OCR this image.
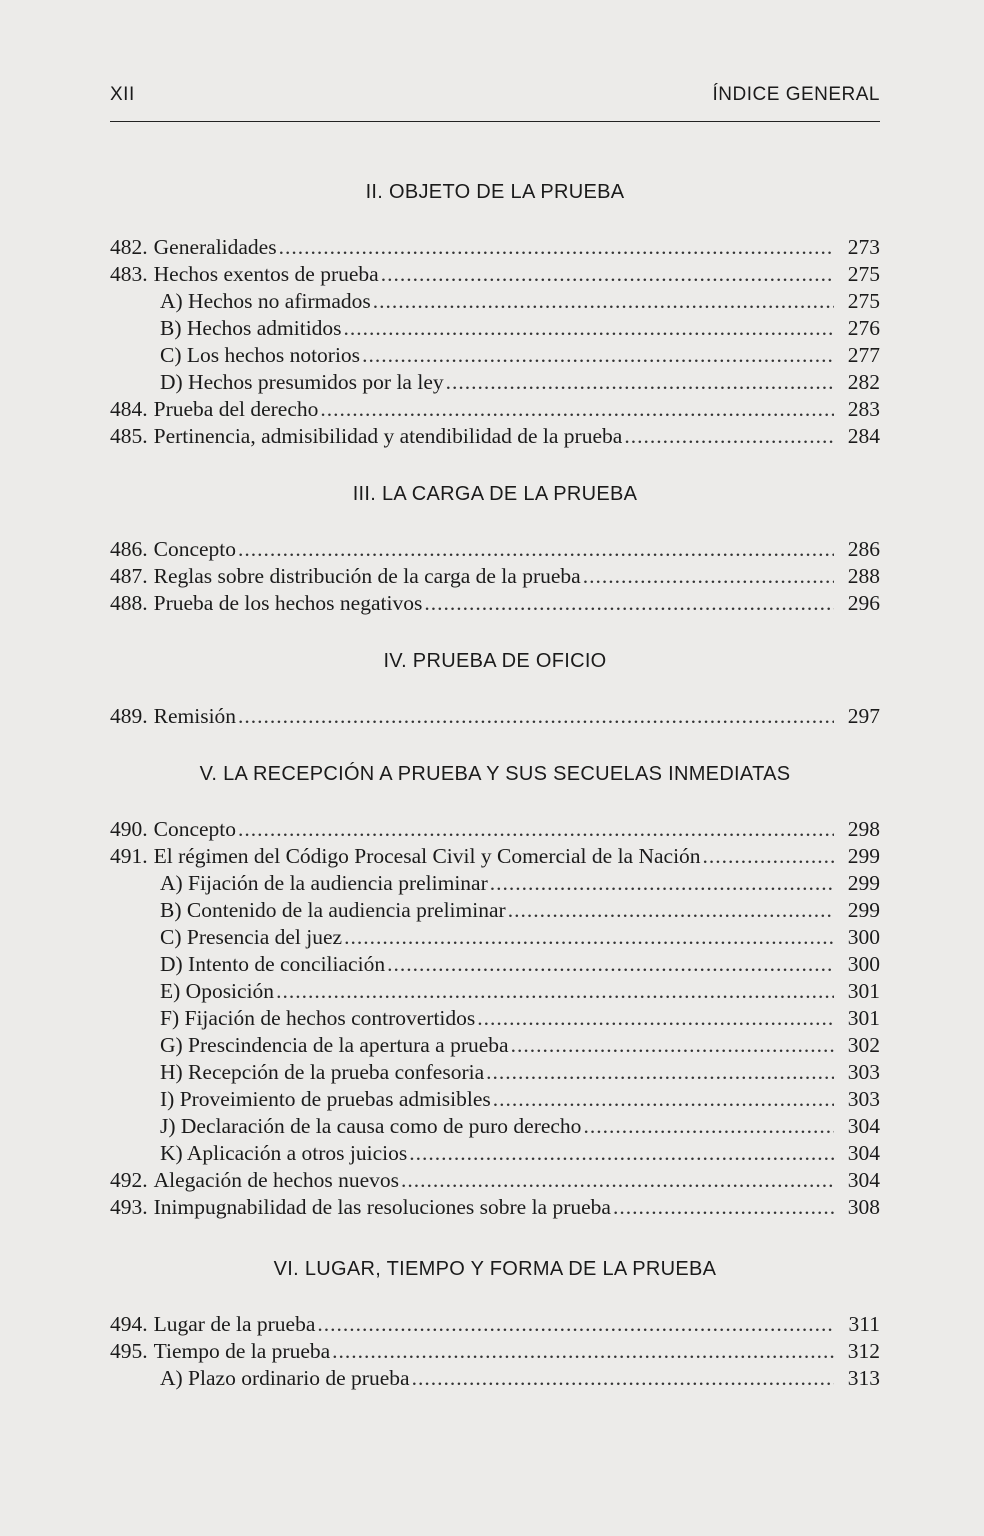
XII	ÍNDICE GENERAL
II. OBJETO DE LA PRUEBA
482. Generalidades .....	273
483. Hechos exentos de prueba .....	275
A) Hechos no afirmados .....	275
B) Hechos admitidos .....	276
C) Los hechos notorios .....	277
D) Hechos presumidos por la ley .....	282
484. Prueba del derecho .....	283
485. Pertinencia, admisibilidad y atendibilidad de la prueba .....	284
III. LA CARGA DE LA PRUEBA
486. Concepto .....	286
487. Reglas sobre distribución de la carga de la prueba .....	288
488. Prueba de los hechos negativos .....	296
IV. PRUEBA DE OFICIO
489. Remisión .....	297
V. LA RECEPCIÓN A PRUEBA Y SUS SECUELAS INMEDIATAS
490. Concepto .....	298
491. El régimen del Código Procesal Civil y Comercial de la Nación .....	299
A) Fijación de la audiencia preliminar .....	299
B) Contenido de la audiencia preliminar .....	299
C) Presencia del juez .....	300
D) Intento de conciliación .....	300
E) Oposición .....	301
F) Fijación de hechos controvertidos .....	301
G) Prescindencia de la apertura a prueba .....	302
H) Recepción de la prueba confesoria .....	303
I) Proveimiento de pruebas admisibles .....	303
J) Declaración de la causa como de puro derecho .....	304
K) Aplicación a otros juicios .....	304
492. Alegación de hechos nuevos .....	304
493. Inimpugnabilidad de las resoluciones sobre la prueba .....	308
VI. LUGAR, TIEMPO Y FORMA DE LA PRUEBA
494. Lugar de la prueba .....	311
495. Tiempo de la prueba .....	312
A) Plazo ordinario de prueba .....	313
